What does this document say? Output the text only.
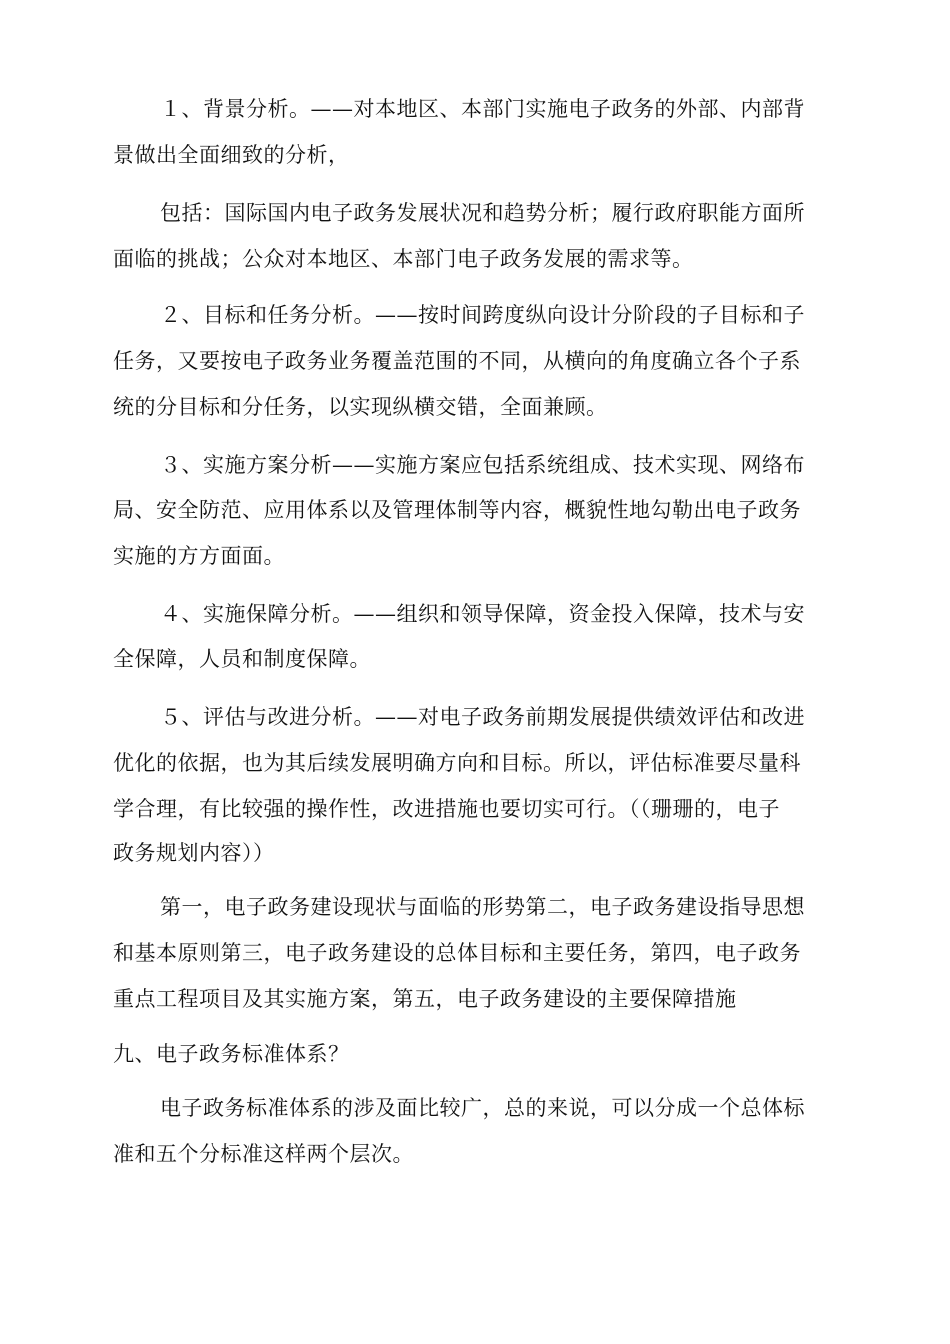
１、背景分析。——对本地区、本部门实施电子政务的外部、内部背
景做出全面细致的分析，
包括：国际国内电子政务发展状况和趋势分析；履行政府职能方面所
面临的挑战；公众对本地区、本部门电子政务发展的需求等。
２、目标和任务分析。——按时间跨度纵向设计分阶段的子目标和子
任务，又要按电子政务业务覆盖范围的不同，从横向的角度确立各个子系
统的分目标和分任务，以实现纵横交错，全面兼顾。
３、实施方案分析——实施方案应包括系统组成、技术实现、网络布
局、安全防范、应用体系以及管理体制等内容，概貌性地勾勒出电子政务
实施的方方面面。
４、实施保障分析。——组织和领导保障，资金投入保障，技术与安
全保障，人员和制度保障。
５、评估与改进分析。——对电子政务前期发展提供绩效评估和改进
优化的依据，也为其后续发展明确方向和目标。所以，评估标准要尽量科
学合理，有比较强的操作性，改进措施也要切实可行。（（珊珊的，电子
政务规划内容））
第一，电子政务建设现状与面临的形势第二，电子政务建设指导思想
和基本原则第三，电子政务建设的总体目标和主要任务，第四，电子政务
重点工程项目及其实施方案，第五，电子政务建设的主要保障措施
九、电子政务标准体系？
电子政务标准体系的涉及面比较广，总的来说，可以分成一个总体标
准和五个分标准这样两个层次。
